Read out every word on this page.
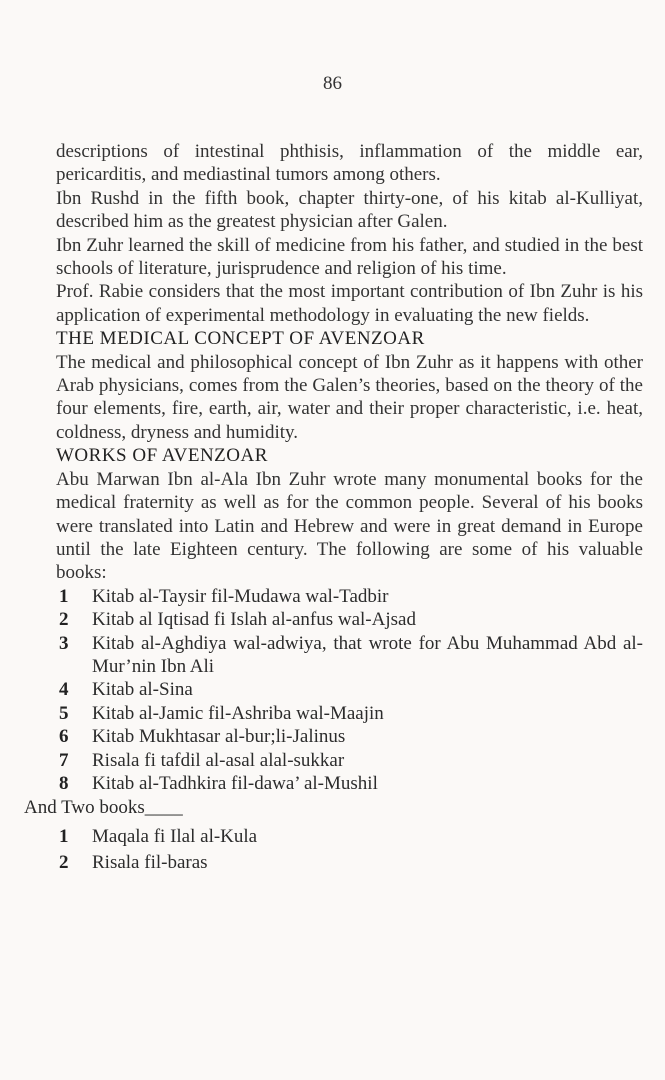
86

descriptions of intestinal phthisis, inflammation of the middle ear, pericarditis, and mediastinal tumors among others.

Ibn Rushd in the fifth book, chapter thirty-one, of his kitab al-Kulliyat, described him as the greatest physician after Galen.

Ibn Zuhr learned the skill of medicine from his father, and studied in the best schools of literature, jurisprudence and religion of his time.

Prof. Rabie considers that the most important contribution of Ibn Zuhr is his application of experimental methodology in evaluating the new fields.

THE MEDICAL CONCEPT OF AVENZOAR

The medical and philosophical concept of Ibn Zuhr as it happens with other Arab physicians, comes from the Galen’s theories, based on the theory of the four elements, fire, earth, air, water and their proper characteristic, i.e. heat, coldness, dryness and humidity.

WORKS OF AVENZOAR

Abu Marwan Ibn al-Ala Ibn Zuhr wrote many monumental books for the medical fraternity as well as for the common people. Several of his books were translated into Latin and Hebrew and were in great demand in Europe until the late Eighteen century. The following are some of his valuable books:

1	Kitab al-Taysir fil-Mudawa wal-Tadbir
2	Kitab al Iqtisad fi Islah al-anfus wal-Ajsad
3	Kitab al-Aghdiya wal-adwiya, that wrote for Abu Muhammad Abd al-Mur’nin Ibn Ali
4	Kitab al-Sina
5	Kitab al-Jamic fil-Ashriba wal-Maajin
6	Kitab Mukhtasar al-bur;li-Jalinus
7	Risala fi tafdil al-asal alal-sukkar
8	Kitab al-Tadhkira fil-dawa’ al-Mushil
And Two books____
1	Maqala fi Ilal al-Kula
2	Risala fil-baras
